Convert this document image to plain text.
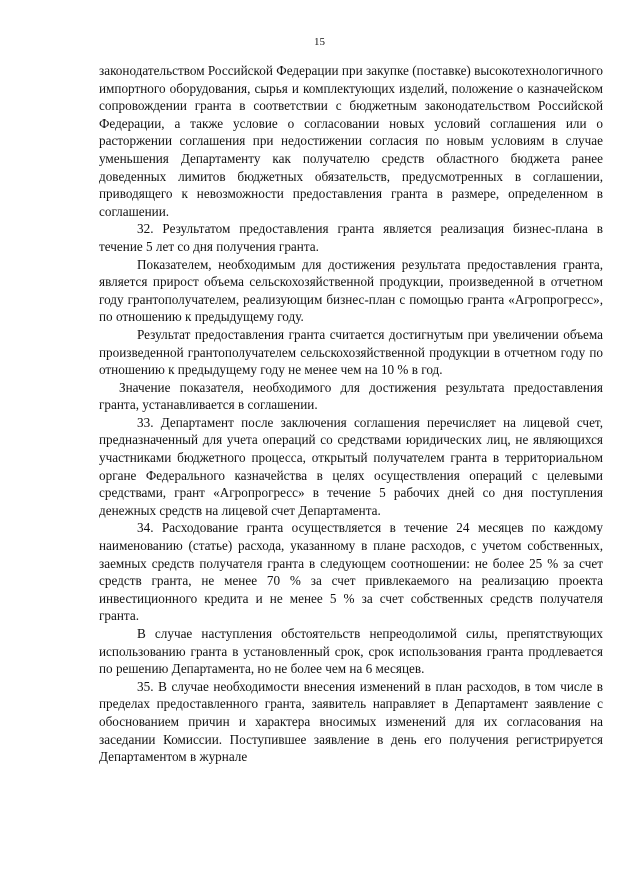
15

законодательством Российской Федерации при закупке (поставке) высокотехнологичного импортного оборудования, сырья и комплектующих изделий, положение о казначейском сопровождении гранта в соответствии с бюджетным законодательством Российской Федерации, а также условие о согласовании новых условий соглашения или о расторжении соглашения при недостижении согласия по новым условиям в случае уменьшения Департаменту как получателю средств областного бюджета ранее доведенных лимитов бюджетных обязательств, предусмотренных в соглашении, приводящего к невозможности предоставления гранта в размере, определенном в соглашении.

32. Результатом предоставления гранта является реализация бизнес-плана в течение 5 лет со дня получения гранта.

Показателем, необходимым для достижения результата предоставления гранта, является прирост объема сельскохозяйственной продукции, произведенной в отчетном году грантополучателем, реализующим бизнес-план с помощью гранта «Агропрогресс», по отношению к предыдущему году.

Результат предоставления гранта считается достигнутым при увеличении объема произведенной грантополучателем сельскохозяйственной продукции в отчетном году по отношению к предыдущему году не менее чем на 10 % в год.

Значение показателя, необходимого для достижения результата предоставления гранта, устанавливается в соглашении.

33. Департамент после заключения соглашения перечисляет на лицевой счет, предназначенный для учета операций со средствами юридических лиц, не являющихся участниками бюджетного процесса, открытый получателем гранта в территориальном органе Федерального казначейства в целях осуществления операций с целевыми средствами, грант «Агропрогресс» в течение 5 рабочих дней со дня поступления денежных средств на лицевой счет Департамента.

34. Расходование гранта осуществляется в течение 24 месяцев по каждому наименованию (статье) расхода, указанному в плане расходов, с учетом собственных, заемных средств получателя гранта в следующем соотношении: не более 25 % за счет средств гранта, не менее 70 % за счет привлекаемого на реализацию проекта инвестиционного кредита и не менее 5 % за счет собственных средств получателя гранта.

В случае наступления обстоятельств непреодолимой силы, препятствующих использованию гранта в установленный срок, срок использования гранта продлевается по решению Департамента, но не более чем на 6 месяцев.

35. В случае необходимости внесения изменений в план расходов, в том числе в пределах предоставленного гранта, заявитель направляет в Департамент заявление с обоснованием причин и характера вносимых изменений для их согласования на заседании Комиссии. Поступившее заявление в день его получения регистрируется Департаментом в журнале
